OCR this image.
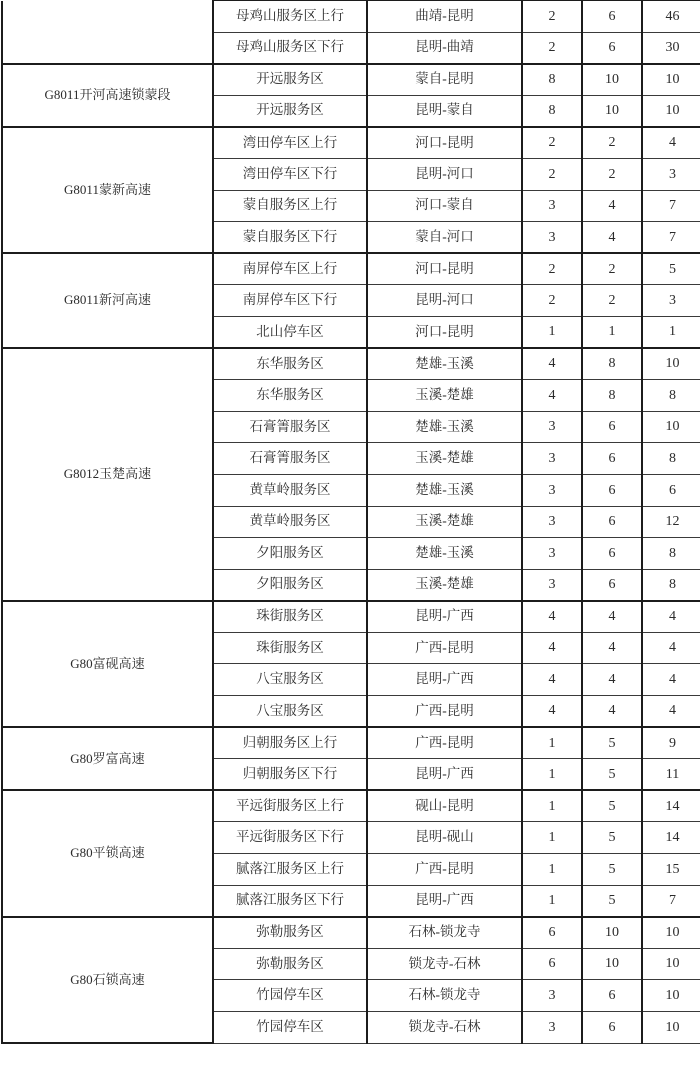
	母鸡山服务区上行	曲靖-昆明	2	6	46
	母鸡山服务区下行	昆明-曲靖	2	6	30
G8011开河高速锁蒙段	开远服务区	蒙自-昆明	8	10	10
	开远服务区	昆明-蒙自	8	10	10
G8011蒙新高速	湾田停车区上行	河口-昆明	2	2	4
	湾田停车区下行	昆明-河口	2	2	3
	蒙自服务区上行	河口-蒙自	3	4	7
	蒙自服务区下行	蒙自-河口	3	4	7
G8011新河高速	南屏停车区上行	河口-昆明	2	2	5
	南屏停车区下行	昆明-河口	2	2	3
	北山停车区	河口-昆明	1	1	1
G8012玉楚高速	东华服务区	楚雄-玉溪	4	8	10
	东华服务区	玉溪-楚雄	4	8	8
	石膏箐服务区	楚雄-玉溪	3	6	10
	石膏箐服务区	玉溪-楚雄	3	6	8
	黄草岭服务区	楚雄-玉溪	3	6	6
	黄草岭服务区	玉溪-楚雄	3	6	12
	夕阳服务区	楚雄-玉溪	3	6	8
	夕阳服务区	玉溪-楚雄	3	6	8
G80富砚高速	珠街服务区	昆明-广西	4	4	4
	珠街服务区	广西-昆明	4	4	4
	八宝服务区	昆明-广西	4	4	4
	八宝服务区	广西-昆明	4	4	4
G80罗富高速	归朝服务区上行	广西-昆明	1	5	9
	归朝服务区下行	昆明-广西	1	5	11
G80平锁高速	平远街服务区上行	砚山-昆明	1	5	14
	平远街服务区下行	昆明-砚山	1	5	14
	腻落江服务区上行	广西-昆明	1	5	15
	腻落江服务区下行	昆明-广西	1	5	7
G80石锁高速	弥勒服务区	石林-锁龙寺	6	10	10
	弥勒服务区	锁龙寺-石林	6	10	10
	竹园停车区	石林-锁龙寺	3	6	10
	竹园停车区	锁龙寺-石林	3	6	10
